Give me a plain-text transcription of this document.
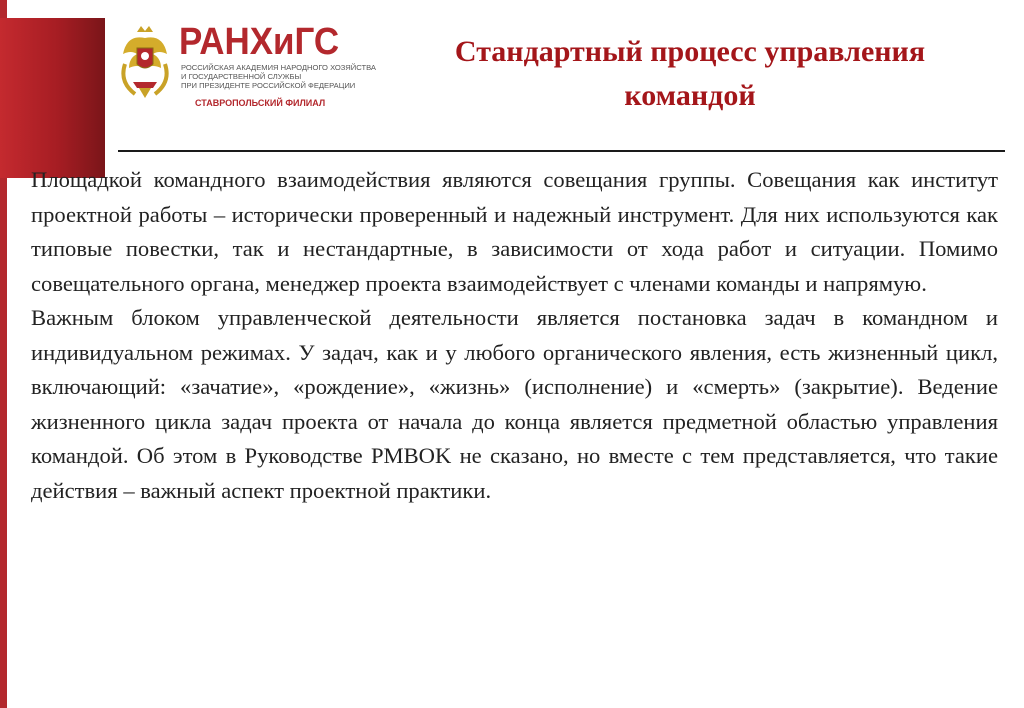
РАНХиГС
РОССИЙСКАЯ АКАДЕМИЯ НАРОДНОГО ХОЗЯЙСТВА
И ГОСУДАРСТВЕННОЙ СЛУЖБЫ
ПРИ ПРЕЗИДЕНТЕ РОССИЙСКОЙ ФЕДЕРАЦИИ
СТАВРОПОЛЬСКИЙ ФИЛИАЛ
Стандартный процесс управления
командой

Площадкой командного взаимодействия являются совещания группы. Совещания как институт проектной работы – исторически проверенный и надежный инструмент. Для них используются как типовые повестки, так и нестандартные, в зависимости от хода работ и ситуации. Помимо совещательного органа, менеджер проекта взаимодействует с членами команды и напрямую.

Важным блоком управленческой деятельности является постановка задач в командном и индивидуальном режимах. У задач, как и у любого органического явления, есть жизненный цикл, включающий: «зачатие», «рождение», «жизнь» (исполнение) и «смерть» (закрытие). Ведение жизненного цикла задач проекта от начала до конца является предметной областью управления командой. Об этом в Руководстве PMBOK не сказано, но вместе с тем представляется, что такие действия – важный аспект проектной практики.
